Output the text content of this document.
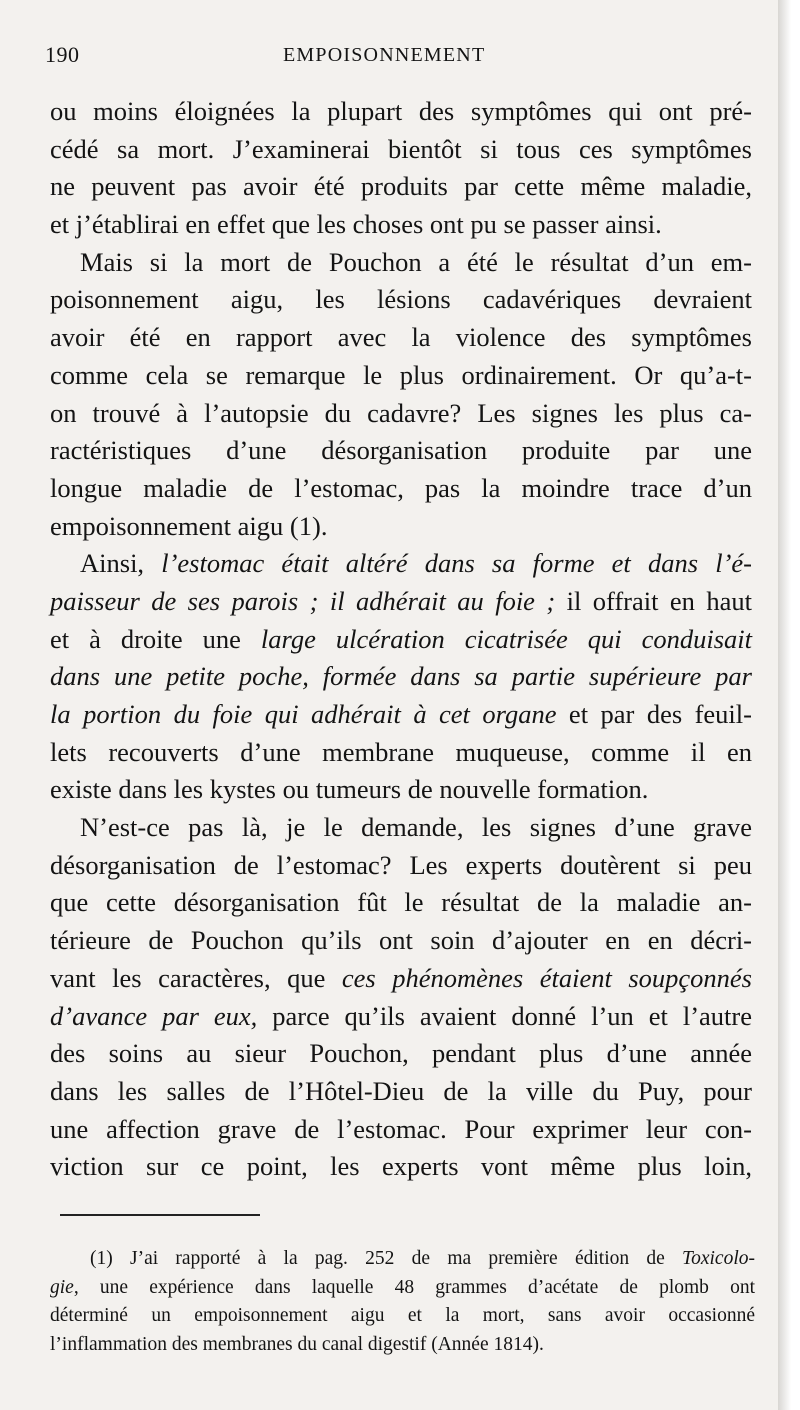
190	EMPOISONNEMENT
ou moins éloignées la plupart des symptômes qui ont pré-
cédé sa mort. J’examinerai bientôt si tous ces symptômes
ne peuvent pas avoir été produits par cette même maladie,
et j’établirai en effet que les choses ont pu se passer ainsi.
Mais si la mort de Pouchon a été le résultat d’un em-
poisonnement aigu, les lésions cadavériques devraient
avoir été en rapport avec la violence des symptômes
comme cela se remarque le plus ordinairement. Or qu’a-t-
on trouvé à l’autopsie du cadavre? Les signes les plus ca-
ractéristiques d’une désorganisation produite par une
longue maladie de l’estomac, pas la moindre trace d’un
empoisonnement aigu (1).
Ainsi, l’estomac était altéré dans sa forme et dans l’é-
paisseur de ses parois ; il adhérait au foie ; il offrait en haut
et à droite une large ulcération cicatrisée qui conduisait
dans une petite poche, formée dans sa partie supérieure par
la portion du foie qui adhérait à cet organe et par des feuil-
lets recouverts d’une membrane muqueuse, comme il en
existe dans les kystes ou tumeurs de nouvelle formation.
N’est-ce pas là, je le demande, les signes d’une grave
désorganisation de l’estomac? Les experts doutèrent si peu
que cette désorganisation fût le résultat de la maladie an-
térieure de Pouchon qu’ils ont soin d’ajouter en en décri-
vant les caractères, que ces phénomènes étaient soupçonnés
d’avance par eux, parce qu’ils avaient donné l’un et l’autre
des soins au sieur Pouchon, pendant plus d’une année
dans les salles de l’Hôtel-Dieu de la ville du Puy, pour
une affection grave de l’estomac. Pour exprimer leur con-
viction sur ce point, les experts vont même plus loin,
(1) J’ai rapporté à la pag. 252 de ma première édition de Toxicolo-
gie, une expérience dans laquelle 48 grammes d’acétate de plomb ont
déterminé un empoisonnement aigu et la mort, sans avoir occasionné
l’inflammation des membranes du canal digestif (Année 1814).
